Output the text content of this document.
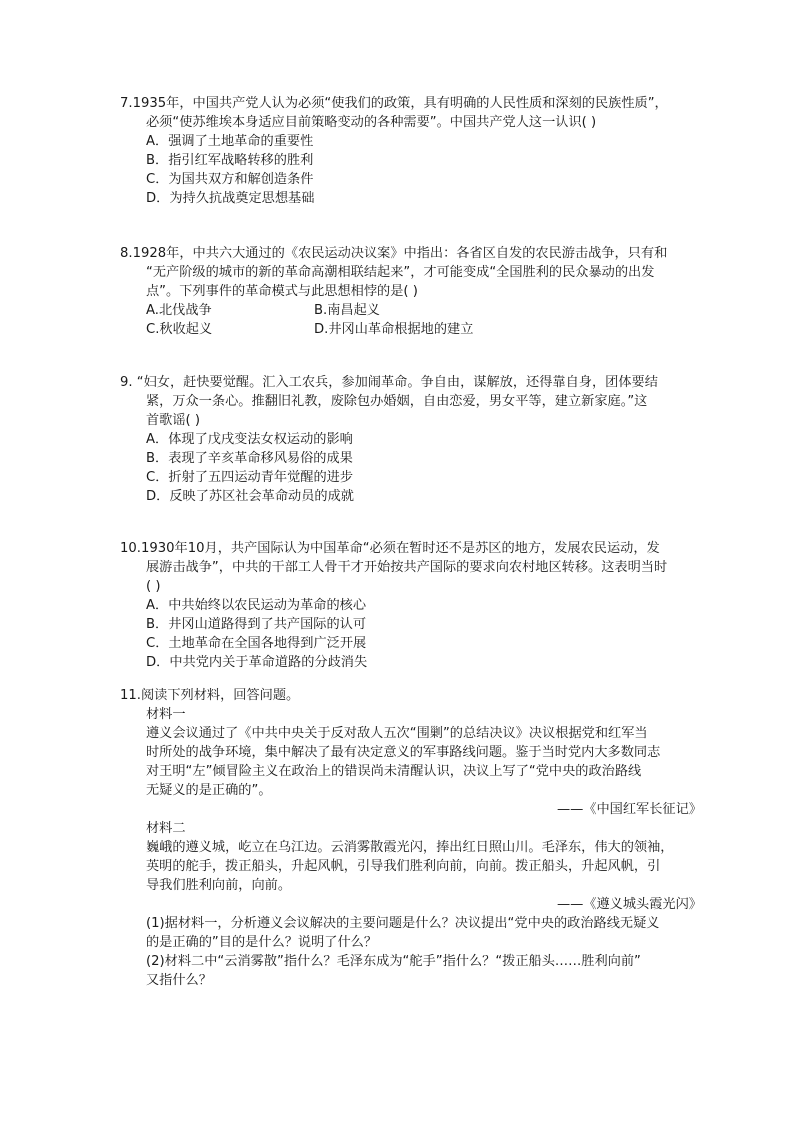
7.1935年，中国共产党人认为必须“使我们的政策，具有明确的人民性质和深刻的民族性质”，
必须“使苏维埃本身适应目前策略变动的各种需要”。中国共产党人这一认识( )
A．强调了土地革命的重要性
B．指引红军战略转移的胜利
C．为国共双方和解创造条件
D．为持久抗战奠定思想基础
8.1928年，中共六大通过的《农民运动决议案》中指出：各省区自发的农民游击战争，只有和
“无产阶级的城市的新的革命高潮相联结起来”，才可能变成“全国胜利的民众暴动的出发
点”。下列事件的革命模式与此思想相悖的是( )
A.北伐战争	B.南昌起义
C.秋收起义	D.井冈山革命根据地的建立
9. “妇女，赶快要觉醒。汇入工农兵，参加闹革命。争自由，谋解放，还得靠自身，团体要结
紧，万众一条心。推翻旧礼教，废除包办婚姻，自由恋爱，男女平等，建立新家庭。”这
首歌谣( )
A．体现了戊戌变法女权运动的影响
B．表现了辛亥革命移风易俗的成果
C．折射了五四运动青年觉醒的进步
D．反映了苏区社会革命动员的成就
10.1930年10月，共产国际认为中国革命“必须在暂时还不是苏区的地方，发展农民运动，发
展游击战争”，中共的干部工人骨干才开始按共产国际的要求向农村地区转移。这表明当时
( )
A．中共始终以农民运动为革命的核心
B．井冈山道路得到了共产国际的认可
C．土地革命在全国各地得到广泛开展
D．中共党内关于革命道路的分歧消失
11.阅读下列材料，回答问题。
材料一
遵义会议通过了《中共中央关于反对敌人五次“围剿”的总结决议》决议根据党和红军当
时所处的战争环境，集中解决了最有决定意义的军事路线问题。鉴于当时党内大多数同志
对王明“左”倾冒险主义在政治上的错误尚未清醒认识，决议上写了“党中央的政治路线
无疑义的是正确的”。
——《中国红军长征记》
材料二
巍峨的遵义城，屹立在乌江边。云消雾散霞光闪，捧出红日照山川。毛泽东，伟大的领袖，
英明的舵手，拨正船头，升起风帆，引导我们胜利向前，向前。拨正船头，升起风帆，引
导我们胜利向前，向前。
——《遵义城头霞光闪》
(1)据材料一，分析遵义会议解决的主要问题是什么？决议提出“党中央的政治路线无疑义
的是正确的”目的是什么？说明了什么？
(2)材料二中“云消雾散”指什么？毛泽东成为“舵手”指什么？“拨正船头……胜利向前”
又指什么？
